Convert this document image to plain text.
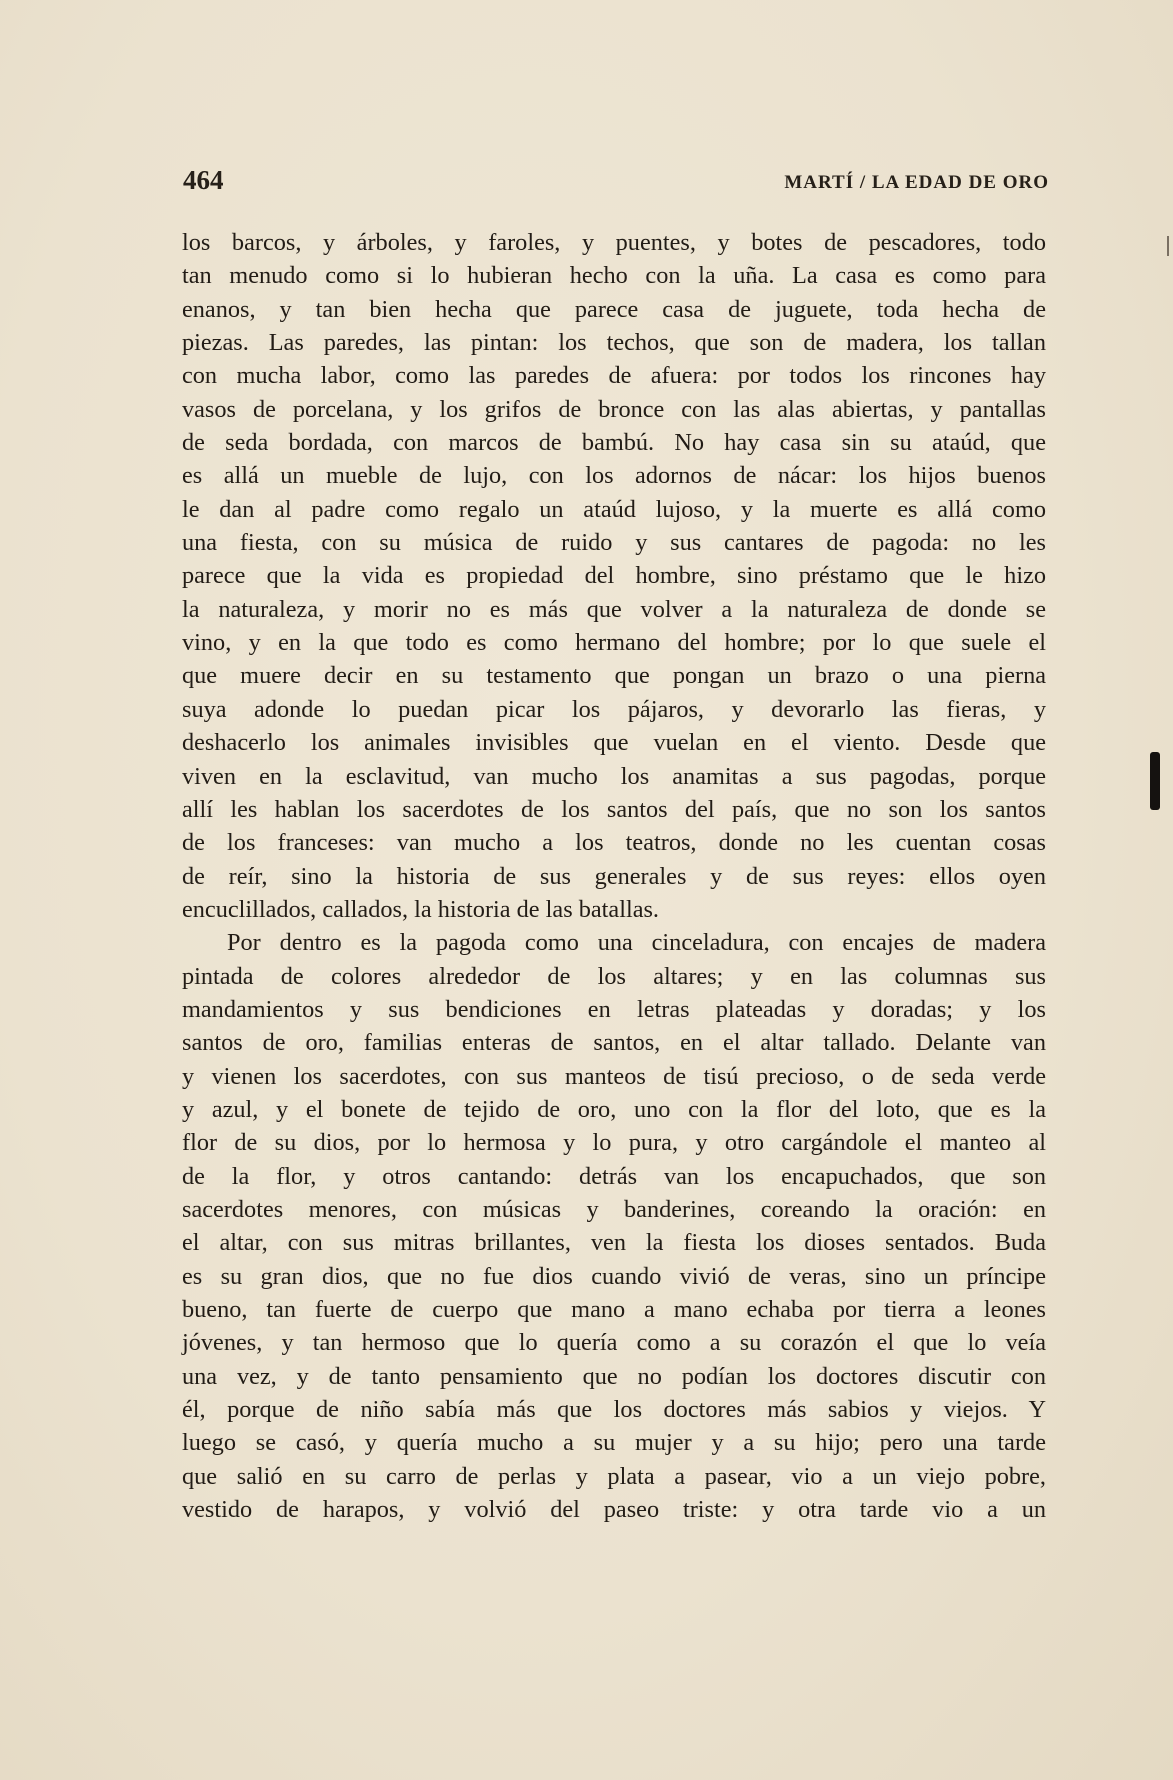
464	MARTÍ / LA EDAD DE ORO
los barcos, y árboles, y faroles, y puentes, y botes de pescadores, todo
tan menudo como si lo hubieran hecho con la uña. La casa es como para
enanos, y tan bien hecha que parece casa de juguete, toda hecha de
piezas. Las paredes, las pintan: los techos, que son de madera, los tallan
con mucha labor, como las paredes de afuera: por todos los rincones hay
vasos de porcelana, y los grifos de bronce con las alas abiertas, y pantallas
de seda bordada, con marcos de bambú. No hay casa sin su ataúd, que
es allá un mueble de lujo, con los adornos de nácar: los hijos buenos
le dan al padre como regalo un ataúd lujoso, y la muerte es allá como
una fiesta, con su música de ruido y sus cantares de pagoda: no les
parece que la vida es propiedad del hombre, sino préstamo que le hizo
la naturaleza, y morir no es más que volver a la naturaleza de donde se
vino, y en la que todo es como hermano del hombre; por lo que suele el
que muere decir en su testamento que pongan un brazo o una pierna
suya adonde lo puedan picar los pájaros, y devorarlo las fieras, y
deshacerlo los animales invisibles que vuelan en el viento. Desde que
viven en la esclavitud, van mucho los anamitas a sus pagodas, porque
allí les hablan los sacerdotes de los santos del país, que no son los santos
de los franceses: van mucho a los teatros, donde no les cuentan cosas
de reír, sino la historia de sus generales y de sus reyes: ellos oyen
encuclillados, callados, la historia de las batallas.
Por dentro es la pagoda como una cinceladura, con encajes de madera
pintada de colores alrededor de los altares; y en las columnas sus
mandamientos y sus bendiciones en letras plateadas y doradas; y los
santos de oro, familias enteras de santos, en el altar tallado. Delante van
y vienen los sacerdotes, con sus manteos de tisú precioso, o de seda verde
y azul, y el bonete de tejido de oro, uno con la flor del loto, que es la
flor de su dios, por lo hermosa y lo pura, y otro cargándole el manteo al
de la flor, y otros cantando: detrás van los encapuchados, que son
sacerdotes menores, con músicas y banderines, coreando la oración: en
el altar, con sus mitras brillantes, ven la fiesta los dioses sentados. Buda
es su gran dios, que no fue dios cuando vivió de veras, sino un príncipe
bueno, tan fuerte de cuerpo que mano a mano echaba por tierra a leones
jóvenes, y tan hermoso que lo quería como a su corazón el que lo veía
una vez, y de tanto pensamiento que no podían los doctores discutir con
él, porque de niño sabía más que los doctores más sabios y viejos. Y
luego se casó, y quería mucho a su mujer y a su hijo; pero una tarde
que salió en su carro de perlas y plata a pasear, vio a un viejo pobre,
vestido de harapos, y volvió del paseo triste: y otra tarde vio a un
